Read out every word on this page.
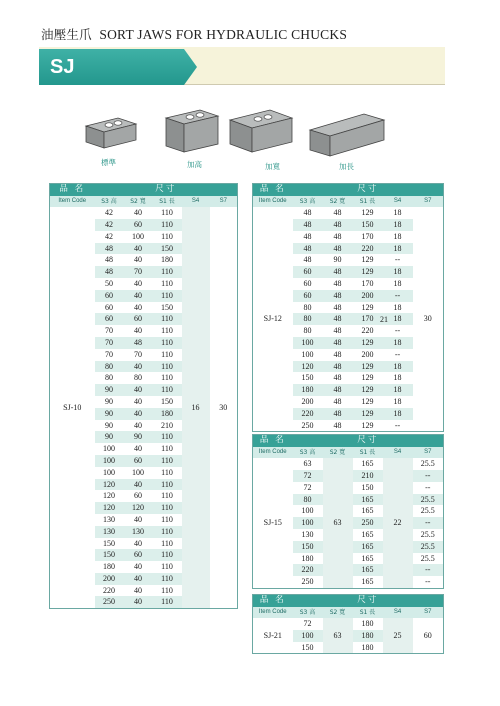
油壓生爪 SORT JAWS FOR HYDRAULIC CHUCKS
SJ
標準	加高	加寬	加長
品 名	尺寸				
Item Code	S3 高	S2 寬	S1 長	S4	S7
SJ-10	42	40	110	16	30
	42	60	110		
	42	100	110		
	48	40	150		
	48	40	180		
	48	70	110		
	50	40	110		
	60	40	110		
	60	40	150		
	60	60	110		
	70	40	110		
	70	48	110		
	70	70	110		
	80	40	110		
	80	80	110		
	90	40	110		
	90	40	150		
	90	40	180		
	90	40	210		
	90	90	110		
	100	40	110		
	100	60	110		
	100	100	110		
	120	40	110		
	120	60	110		
	120	120	110		
	130	40	110		
	130	130	110		
	150	40	110		
	150	60	110		
	180	40	110		
	200	40	110		
	220	40	110		
	250	40	110		
品 名	尺寸				
Item Code	S3 高	S2 寬	S1 長	S4	S7
SJ-12	48	48	129	18	30
	48	48	150	18	
	48	48	170	18	
	48	48	220	18	
	48	90	129	--	
	60	48	129	18	
	60	48	170	18	
	60	48	200	--	
	80	48	129	18	
	80	48	170	18	
	80	48	220	--	
	100	48	129	18	
	100	48	200	--	
	120	48	129	18	
	150	48	129	18	
	180	48	129	18	
	200	48	129	18	
	220	48	129	18	
	250	48	129	--	
品 名	尺寸				
Item Code	S3 高	S2 寬	S1 長	S4	S7
SJ-15	63	63	165	22	25.5
	72		210		--
	72		150		--
	80		165		25.5
	100		165		25.5
	100		250		--
	130		165		25.5
	150		165		25.5
	180		165		25.5
	220		165		--
	250		165		--
品 名	尺寸				
Item Code	S3 高	S2 寬	S1 長	S4	S7
SJ-21	72	63	180	25	60
	100		180		
	150		180		
21
